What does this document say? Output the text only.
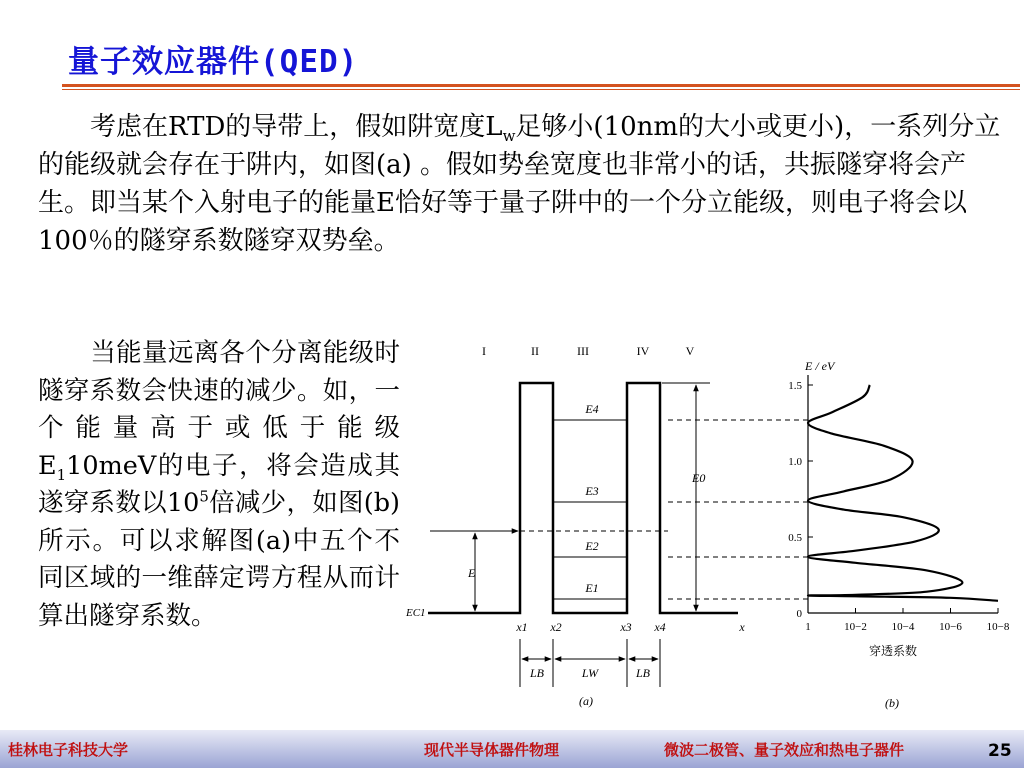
量子效应器件(QED)
考虑在RTD的导带上，假如阱宽度$L_w$足够小(10nm的大小或更小)，一系列分立的能级就会存在于阱内，如图(a) 。假如势垒宽度也非常小的话，共振隧穿将会产生。即当某个入射电子的能量E恰好等于量子阱中的一个分立能级，则电子将会以100％的隧穿系数隧穿双势垒。
当能量远离各个分离能级时隧穿系数会快速的减少。如，一个能量高于或低于能级$E_110meV$的电子，将会造成其遂穿系数以$10^5$倍减少，如图(b)所示。可以求解图(a)中五个不同区域的一维薛定谔方程从而计算出隧穿系数。
I	II	III	IV	V
E4
E3
E2
E1
E0
E
EC1
x1 x2	x3 x4	x
LB	LW	LB
(a)
E / eV
穿透系数
(b)
1.5
1.0
0.5
0
1	10−2 10−4 10−6 10−8
桂林电子科技大学	现代半导体器件物理	微波二极管、量子效应和热电子器件	25
